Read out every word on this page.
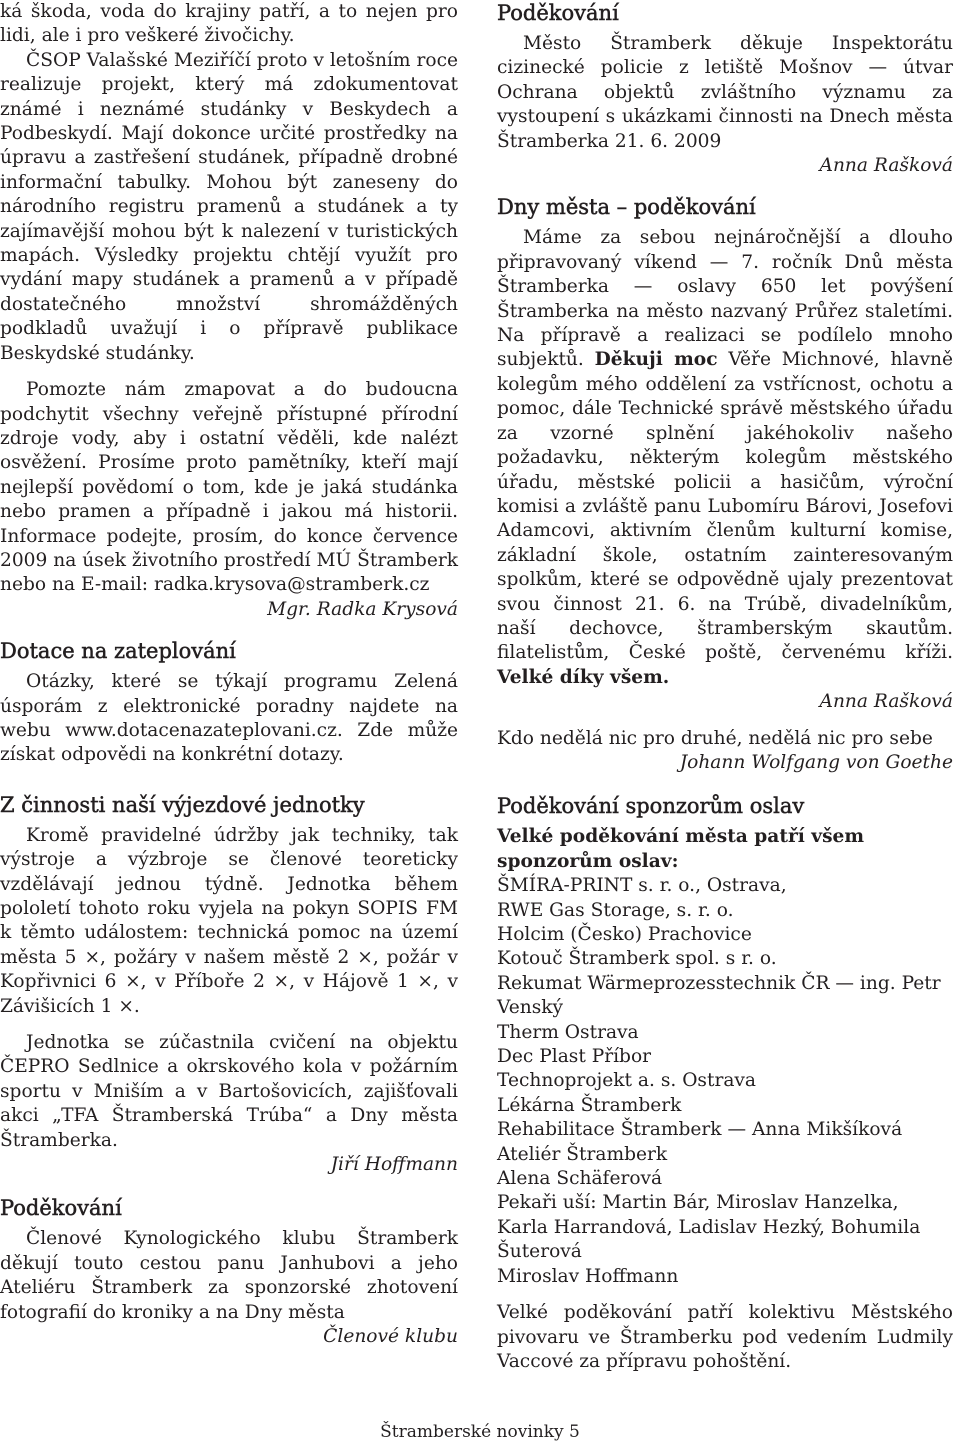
ká škoda, voda do krajiny patří, a to nejen pro lidi, ale i pro veškeré živočichy.

ČSOP Valašské Meziříčí proto v letošním roce realizuje projekt, který má zdokumentovat známé i neznámé studánky v Beskydech a Podbeskydí. Mají dokonce určité prostředky na úpravu a zastřešení studánek, případně drobné informační tabulky. Mohou být zaneseny do národního registru pramenů a studánek a ty zajímavější mohou být k nalezení v turistických mapách. Výsledky projektu chtějí využít pro vydání mapy studánek a pramenů a v případě dostatečného množství shromážděných podkladů uvažují i o přípravě publikace Beskydské studánky.

Pomozte nám zmapovat a do budoucna podchytit všechny veřejně přístupné přírodní zdroje vody, aby i ostatní věděli, kde nalézt osvěžení. Prosíme proto pamětníky, kteří mají nejlepší povědomí o tom, kde je jaká studánka nebo pramen a případně i jakou má historii. Informace podejte, prosím, do konce července 2009 na úsek životního prostředí MÚ Štramberk nebo na E-mail: radka.krysova@stramberk.cz

Mgr. Radka Krysová

Dotace na zateplování

Otázky, které se týkají programu Zelená úsporám z elektronické poradny najdete na webu www.dotacenazateplovani.cz. Zde může získat odpovědi na konkrétní dotazy.

Z činnosti naší výjezdové jednotky

Kromě pravidelné údržby jak techniky, tak výstroje a výzbroje se členové teoreticky vzdělávají jednou týdně. Jednotka během pololetí tohoto roku vyjela na pokyn SOPIS FM k těmto událostem: technická pomoc na území města 5 ×, požáry v našem městě 2 ×, požár v Kopřivnici 6 ×, v Příboře 2 ×, v Hájově 1 ×, v Závišicích 1 ×.

Jednotka se zúčastnila cvičení na objektu ČEPRO Sedlnice a okrskového kola v požárním sportu v Mniším a v Bartošovicích, zajišťovali akci „TFA Štramberská Trúba“ a Dny města Štramberka.

Jiří Hoffmann

Poděkování

Členové Kynologického klubu Štramberk děkují touto cestou panu Janhubovi a jeho Ateliéru Štramberk za sponzorské zhotovení fotografií do kroniky a na Dny města

Členové klubu

Poděkování

Město Štramberk děkuje Inspektorátu cizinecké policie z letiště Mošnov — útvar Ochrana objektů zvláštního významu za vystoupení s ukázkami činnosti na Dnech města Štramberka 21. 6. 2009

Anna Rašková

Dny města – poděkování

Máme za sebou nejnáročnější a dlouho připravovaný víkend — 7. ročník Dnů města Štramberka — oslavy 650 let povýšení Štramberka na město nazvaný Průřez staletími. Na přípravě a realizaci se podílelo mnoho subjektů. Děkuji moc Věře Michnové, hlavně kolegům mého oddělení za vstřícnost, ochotu a pomoc, dále Technické správě městského úřadu za vzorné splnění jakéhokoliv našeho požadavku, některým kolegům městského úřadu, městské policii a hasičům, výroční komisi a zvláště panu Lubomíru Bárovi, Josefovi Adamcovi, aktivním členům kulturní komise, základní škole, ostatním zainteresovaným spolkům, které se odpovědně ujaly prezentovat svou činnost 21. 6. na Trúbě, divadelníkům, naší dechovce, štramberským skautům. filatelistům, České poště, červenému kříži. Velké díky všem.

Anna Rašková

Kdo nedělá nic pro druhé, nedělá nic pro sebe

Johann Wolfgang von Goethe

Poděkování sponzorům oslav

Velké poděkování města patří všem sponzorům oslav:

ŠMÍRA-PRINT s. r. o., Ostrava,
RWE Gas Storage, s. r. o.
Holcim (Česko) Prachovice
Kotouč Štramberk spol. s r. o.
Rekumat Wärmeprozesstechnik ČR — ing. Petr Venský
Therm Ostrava
Dec Plast Příbor
Technoprojekt a. s. Ostrava
Lékárna Štramberk
Rehabilitace Štramberk — Anna Mikšíková
Ateliér Štramberk
Alena Schäferová
Pekaři uší: Martin Bár, Miroslav Hanzelka, Karla Harrandová, Ladislav Hezký, Bohumila Šuterová
Miroslav Hoffmann

Velké poděkování patří kolektivu Městského pivovaru ve Štramberku pod vedením Ludmily Vaccové za přípravu pohoštění.

Štramberské novinky 5
